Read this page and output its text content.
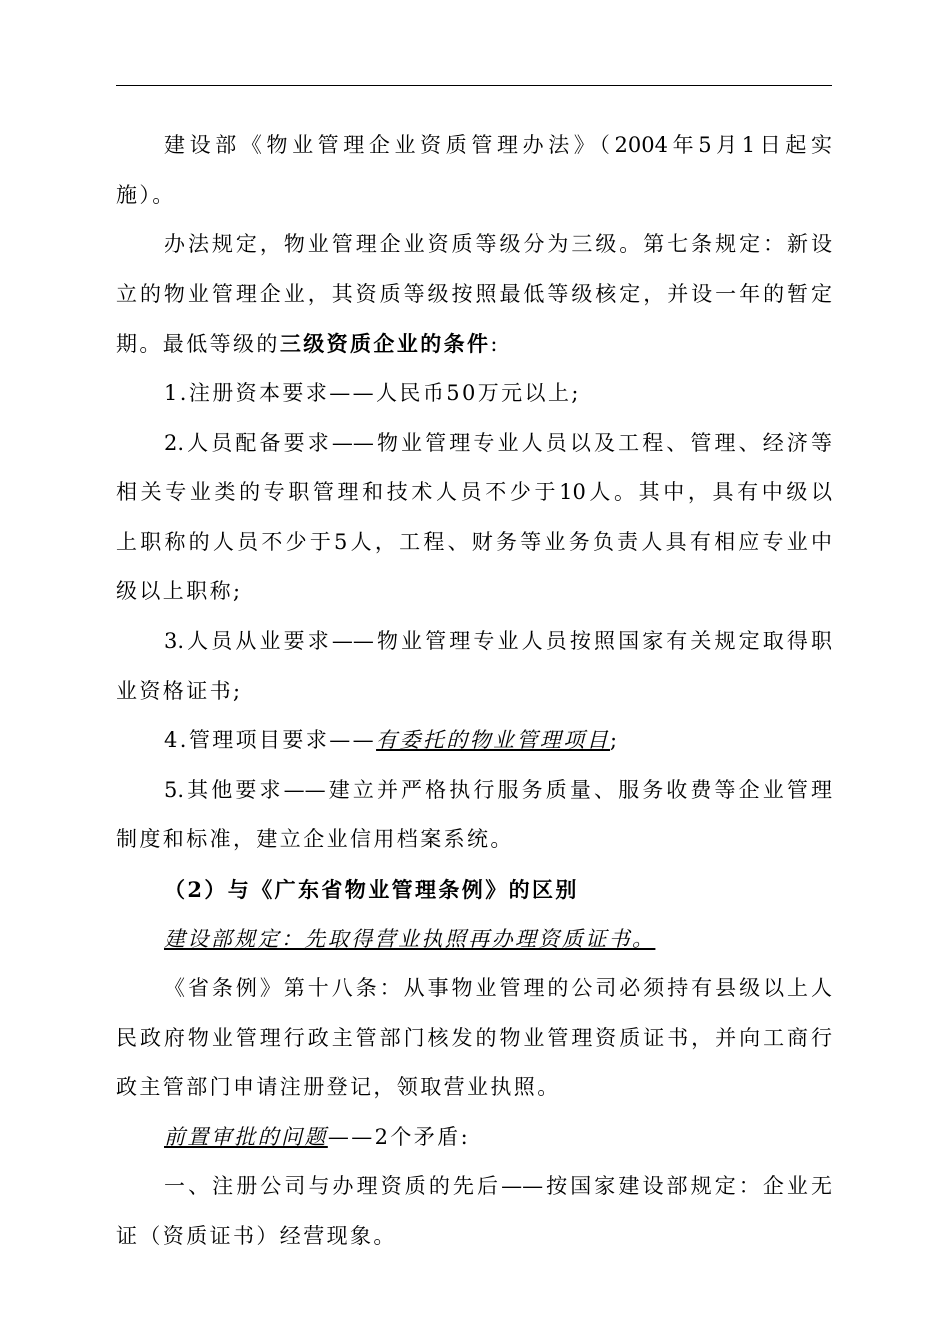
建设部《物业管理企业资质管理办法》（2004年5月1日起实
施）。
办法规定，物业管理企业资质等级分为三级。第七条规定：新设
立的物业管理企业，其资质等级按照最低等级核定，并设一年的暂定
期。最低等级的三级资质企业的条件:
1.注册资本要求——人民币50万元以上;
2.人员配备要求——物业管理专业人员以及工程、管理、经济等
相关专业类的专职管理和技术人员不少于10人。其中，具有中级以
上职称的人员不少于5人，工程、财务等业务负责人具有相应专业中
级以上职称;
3.人员从业要求——物业管理专业人员按照国家有关规定取得职
业资格证书;
4.管理项目要求——有委托的物业管理项目;
5.其他要求——建立并严格执行服务质量、服务收费等企业管理
制度和标准，建立企业信用档案系统。
（2）与《广东省物业管理条例》的区别
建设部规定：先取得营业执照再办理资质证书。
《省条例》第十八条：从事物业管理的公司必须持有县级以上人
民政府物业管理行政主管部门核发的物业管理资质证书，并向工商行
政主管部门申请注册登记，领取营业执照。
前置审批的问题——2个矛盾:
一、注册公司与办理资质的先后——按国家建设部规定：企业无
证（资质证书）经营现象。
